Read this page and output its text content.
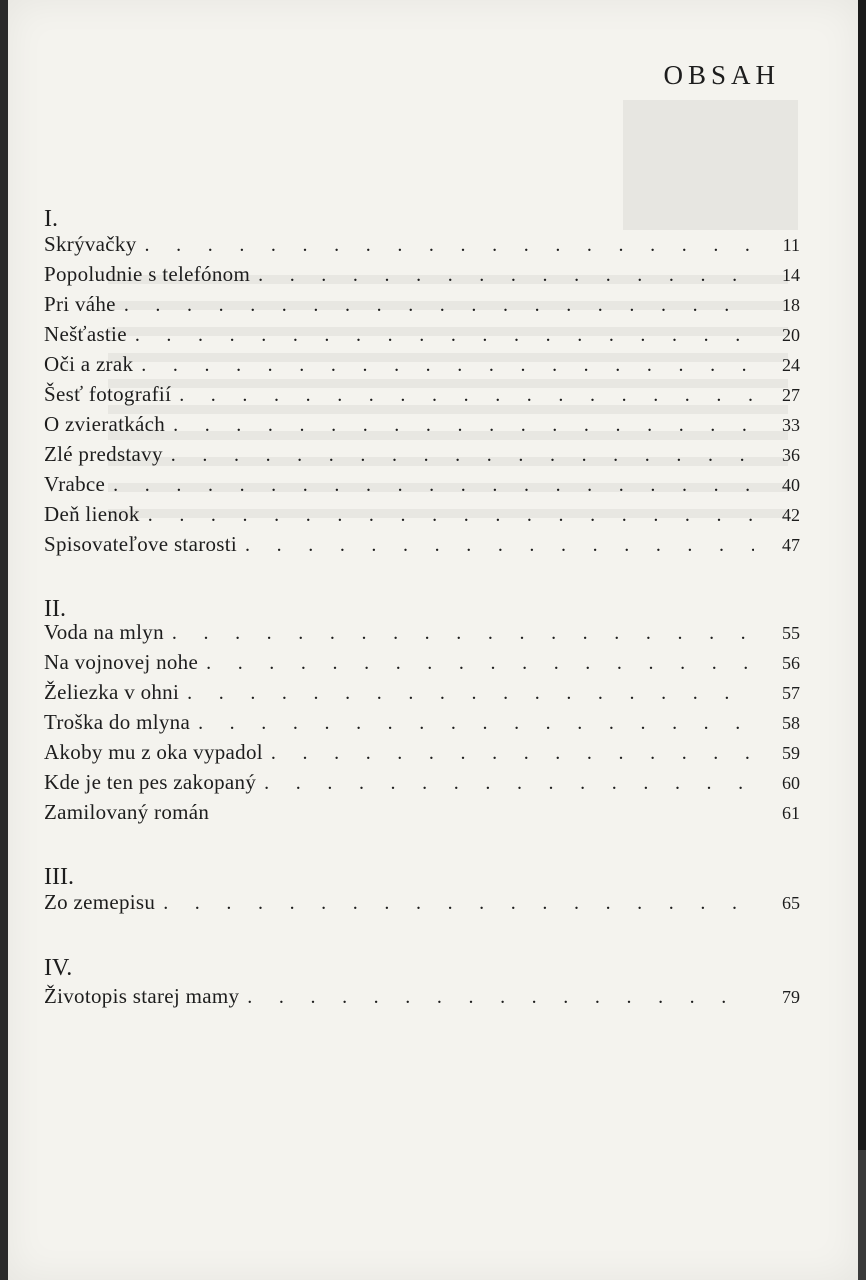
OBSAH
I.
Skrývačky . . .	11
Popoludnie s telefónom . . .	14
Pri váhe . . .	18
Nešťastie . . .	20
Oči a zrak . . .	24
Šesť fotografií . . .	27
O zvieratkách . . .	33
Zlé predstavy . . .	36
Vrabce . . .	40
Deň lienok . . .	42
Spisovateľove starosti . . .	47
II.
Voda na mlyn . . .	55
Na vojnovej nohe . . .	56
Želiezka v ohni . . .	57
Troška do mlyna . . .	58
Akoby mu z oka vypadol . . .	59
Kde je ten pes zakopaný . . .	60
Zamilovaný román	61
III.
Zo zemepisu . . .	65
IV.
Životopis starej mamy . . .	79
